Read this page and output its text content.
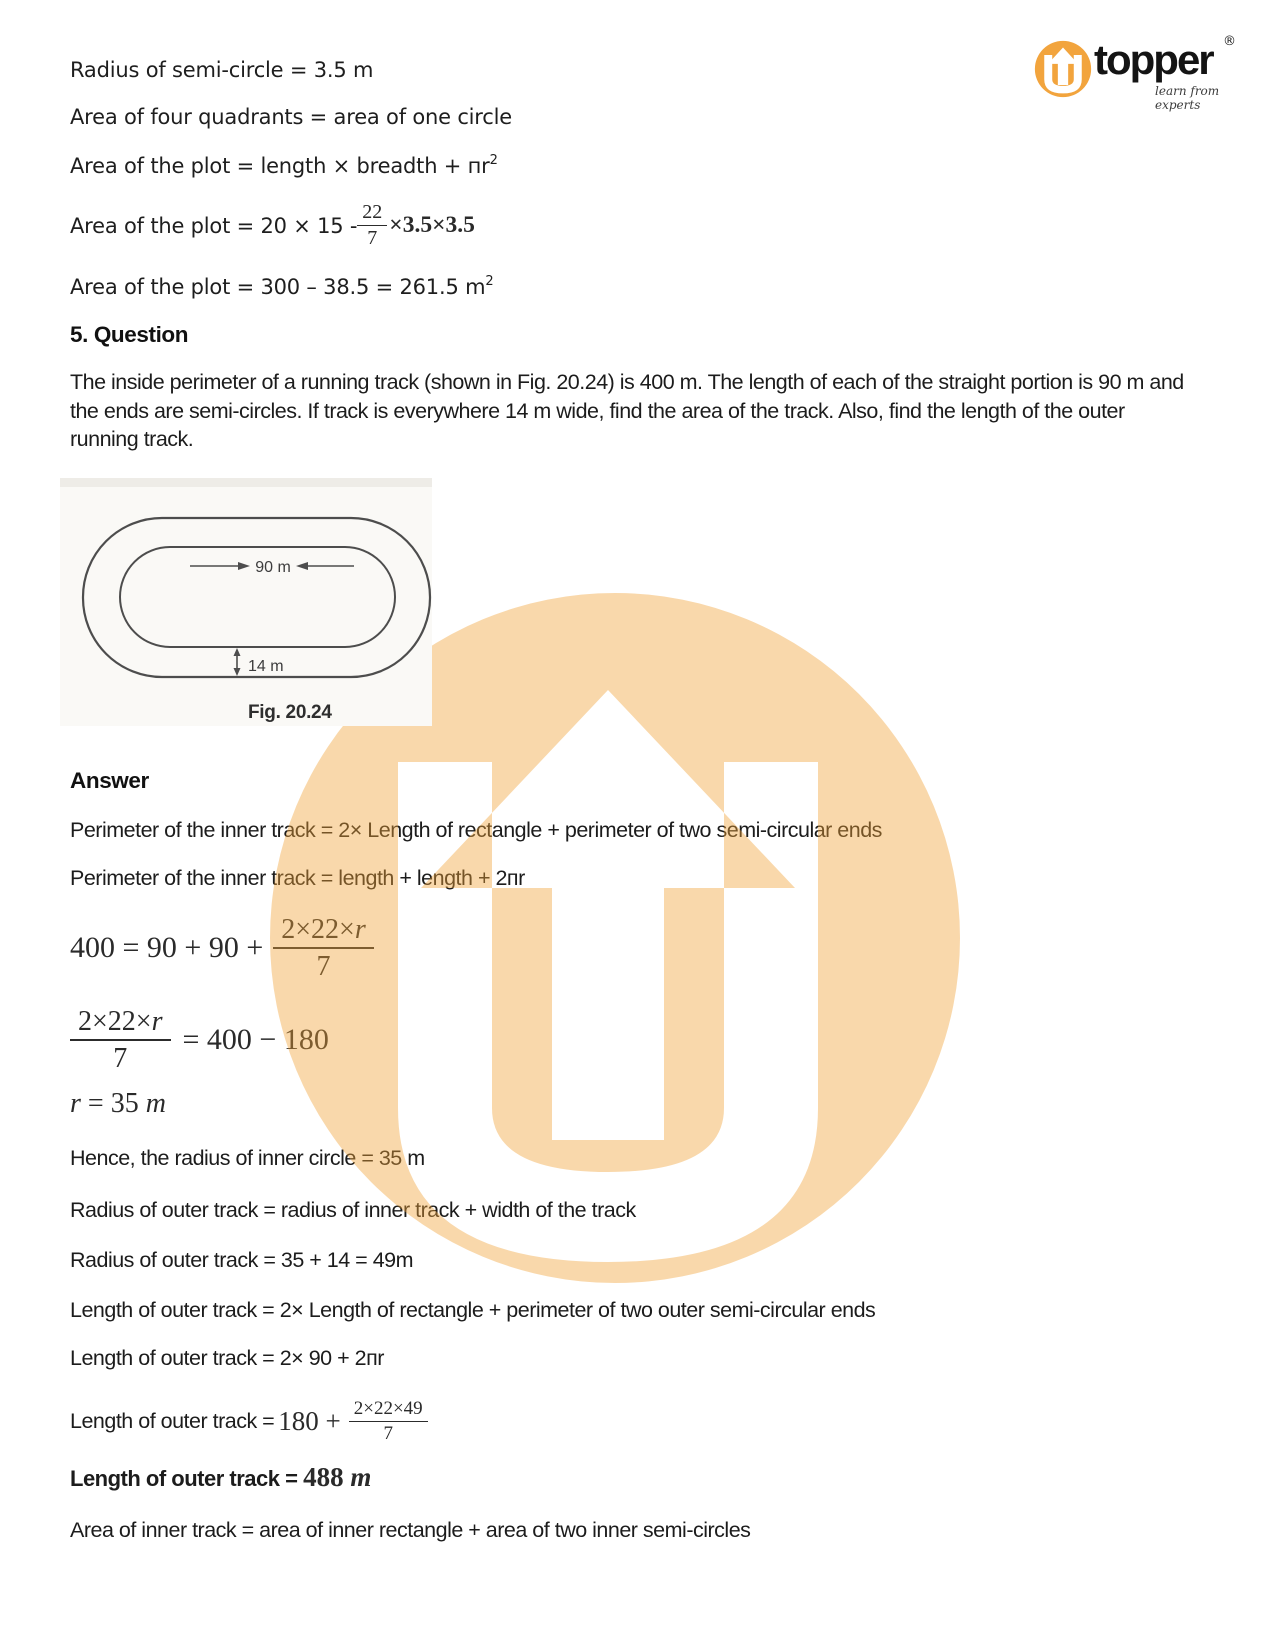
Radius of semi-circle = 3.5 m
Area of four quadrants = area of one circle
Area of the plot = length × breadth + $пr^2$
Area of the plot = $20 \times 15 - \frac{22}{7} \times 3.5\times 3.5$
Area of the plot = 300 – 38.5 = 261.5 $m^2$
5. Question
The inside perimeter of a running track (shown in Fig. 20.24) is 400 m. The length of each of the straight portion is 90 m and the ends are semi-circles. If track is everywhere 14 m wide, find the area of the track. Also, find the length of the outer running track.
Answer
Perimeter of the inner track = 2× Length of rectangle + perimeter of two semi-circular ends
Perimeter of the inner track = length + length + 2пr
$400 = 90 + 90 + \frac{2\times 22\times r}{7}$
$\frac{2\times 22\times r}{7} = 400 - 180$
r = 35 m
Hence, the radius of inner circle = 35 m
Radius of outer track = radius of inner track + width of the track
Radius of outer track = 35 + 14 = 49m
Length of outer track = 2× Length of rectangle + perimeter of two outer semi-circular ends
Length of outer track = 2× 90 + 2пr
Length of outer track = $180 + \frac{2\times 22\times 49}{7}$
Length of outer track = 488 m
Area of inner track = area of inner rectangle + area of two inner semi-circles
90 m
14 m
Fig. 20.24
topper ®
learn from experts
